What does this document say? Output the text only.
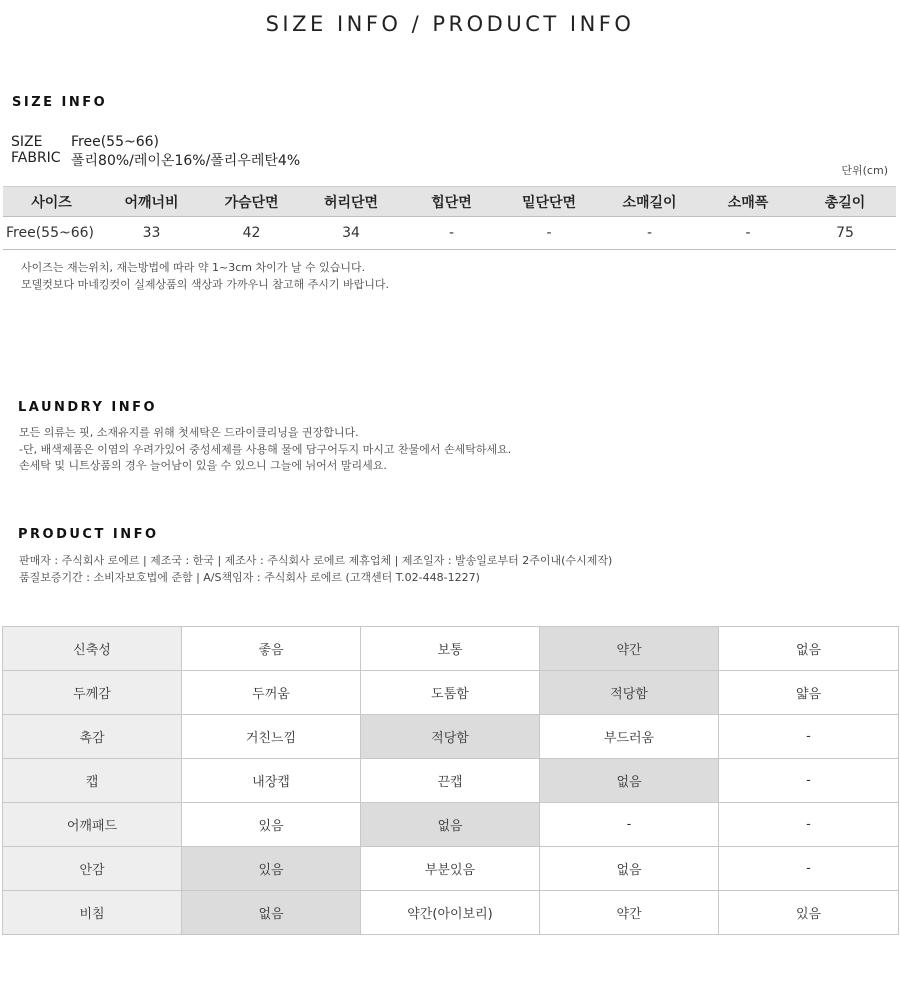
SIZE INFO / PRODUCT INFO
SIZE INFO
SIZE	Free(55~66)
FABRIC 폴리80%/레이온16%/폴리우레탄4%
단위(cm)
사이즈	어깨너비	가슴단면	허리단면	힙단면	밑단단면	소매길이	소매폭	총길이
Free(55~66)	33	42	34	-	-	-	-	75
사이즈는 재는위치, 재는방법에 따라 약 1~3cm 차이가 날 수 있습니다.
모델컷보다 마네킹컷이 실제상품의 색상과 가까우니 참고해 주시기 바랍니다.
LAUNDRY INFO
모든 의류는 핏, 소재유지를 위해 첫세탁은 드라이클리닝을 권장합니다.
-단, 배색제품은 이염의 우려가있어 중성세제를 사용해 물에 담구어두지 마시고 찬물에서 손세탁하세요.
손세탁 및 니트상품의 경우 늘어남이 있을 수 있으니 그늘에 뉘어서 말리세요.
PRODUCT INFO
판매자 : 주식회사 로에르 | 제조국 : 한국 | 제조사 : 주식회사 로에르 제휴업체 | 제조일자 : 발송일로부터 2주이내(수시제작)
품질보증기간 : 소비자보호법에 준함 | A/S책임자 : 주식회사 로에르 (고객센터 T.02-448-1227)
신축성	좋음	보통	약간	없음
두께감	두꺼움	도톰함	적당함	얇음
촉감	거친느낌	적당함	부드러움	-
캡	내장캡	끈캡	없음	-
어깨패드	있음	없음	-	-
안감	있음	부분있음	없음	-
비침	없음	약간(아이보리)	약간	있음
